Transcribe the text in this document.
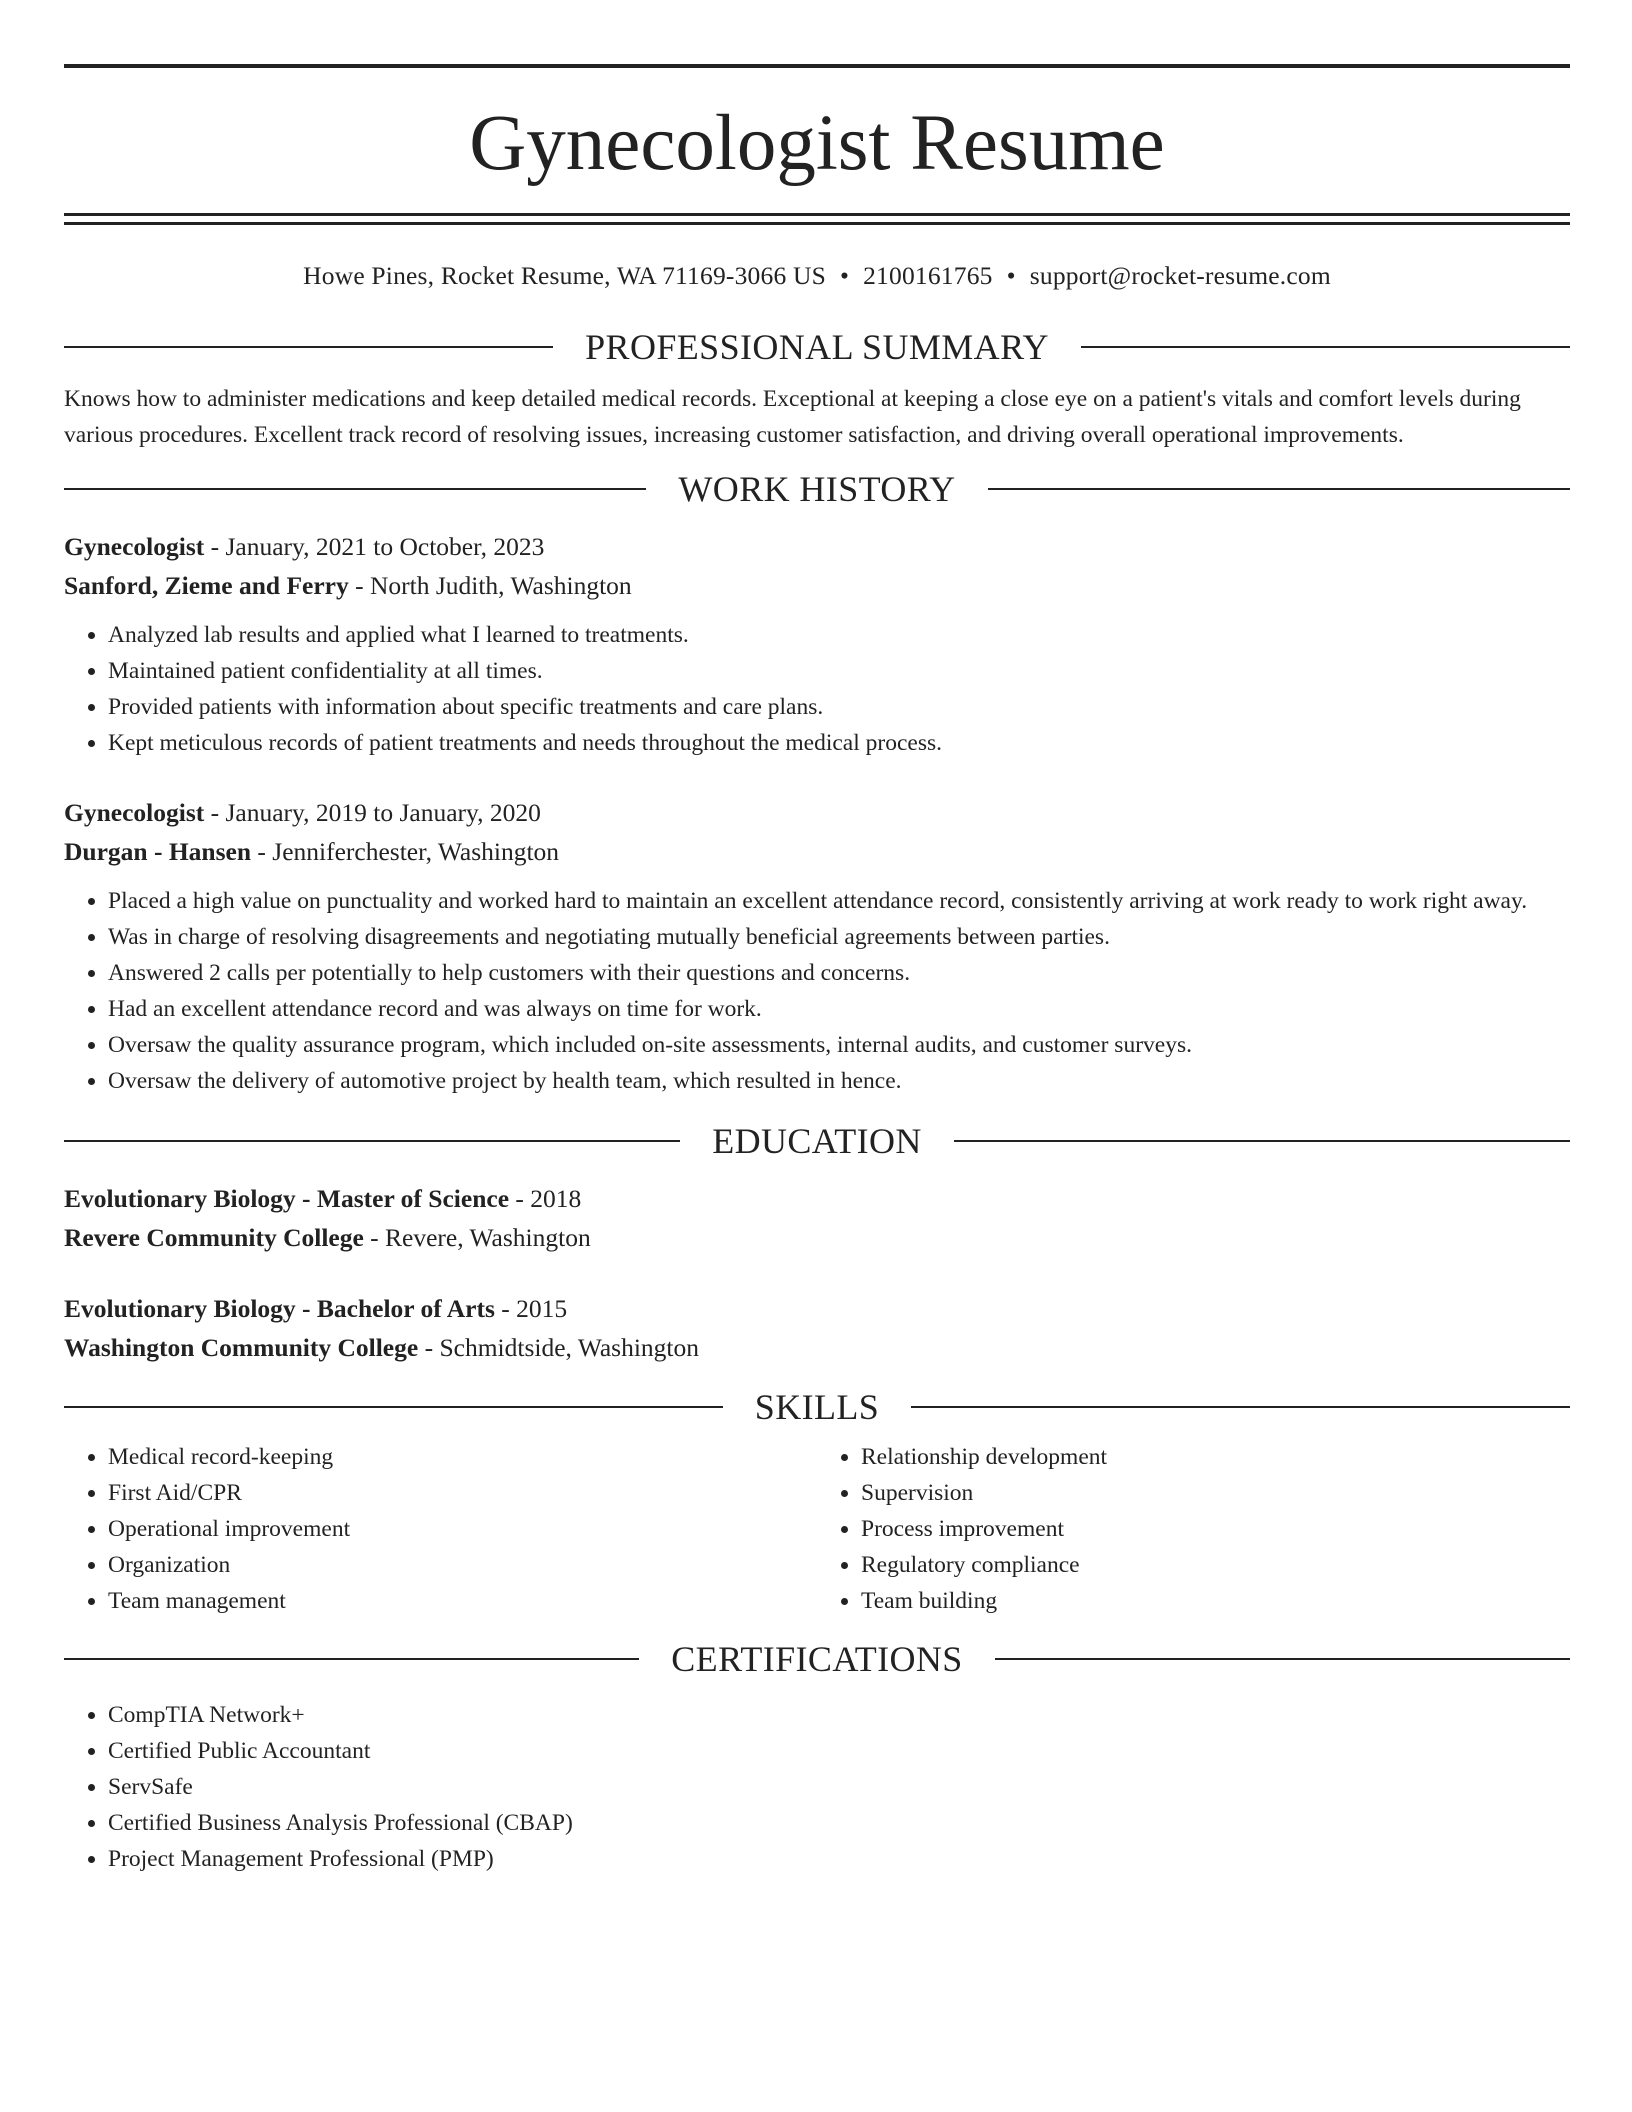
Gynecologist Resume
Howe Pines, Rocket Resume, WA 71169-3066 US • 2100161765 • support@rocket-resume.com
PROFESSIONAL SUMMARY

Knows how to administer medications and keep detailed medical records. Exceptional at keeping a close eye on a patient's vitals and comfort levels during various procedures. Excellent track record of resolving issues, increasing customer satisfaction, and driving overall operational improvements.

WORK HISTORY
Gynecologist - January, 2021 to October, 2023
Sanford, Zieme and Ferry - North Judith, Washington
• Analyzed lab results and applied what I learned to treatments.
• Maintained patient confidentiality at all times.
• Provided patients with information about specific treatments and care plans.
• Kept meticulous records of patient treatments and needs throughout the medical process.
Gynecologist - January, 2019 to January, 2020
Durgan - Hansen - Jenniferchester, Washington
• Placed a high value on punctuality and worked hard to maintain an excellent attendance record, consistently arriving at work ready to work right away.
• Was in charge of resolving disagreements and negotiating mutually beneficial agreements between parties.
• Answered 2 calls per potentially to help customers with their questions and concerns.
• Had an excellent attendance record and was always on time for work.
• Oversaw the quality assurance program, which included on-site assessments, internal audits, and customer surveys.
• Oversaw the delivery of automotive project by health team, which resulted in hence.
EDUCATION
Evolutionary Biology - Master of Science - 2018
Revere Community College - Revere, Washington
Evolutionary Biology - Bachelor of Arts - 2015
Washington Community College - Schmidtside, Washington
SKILLS
• Medical record-keeping
• First Aid/CPR
• Operational improvement
• Organization
• Team management
• Relationship development
• Supervision
• Process improvement
• Regulatory compliance
• Team building
CERTIFICATIONS
• CompTIA Network+
• Certified Public Accountant
• ServSafe
• Certified Business Analysis Professional (CBAP)
• Project Management Professional (PMP)
